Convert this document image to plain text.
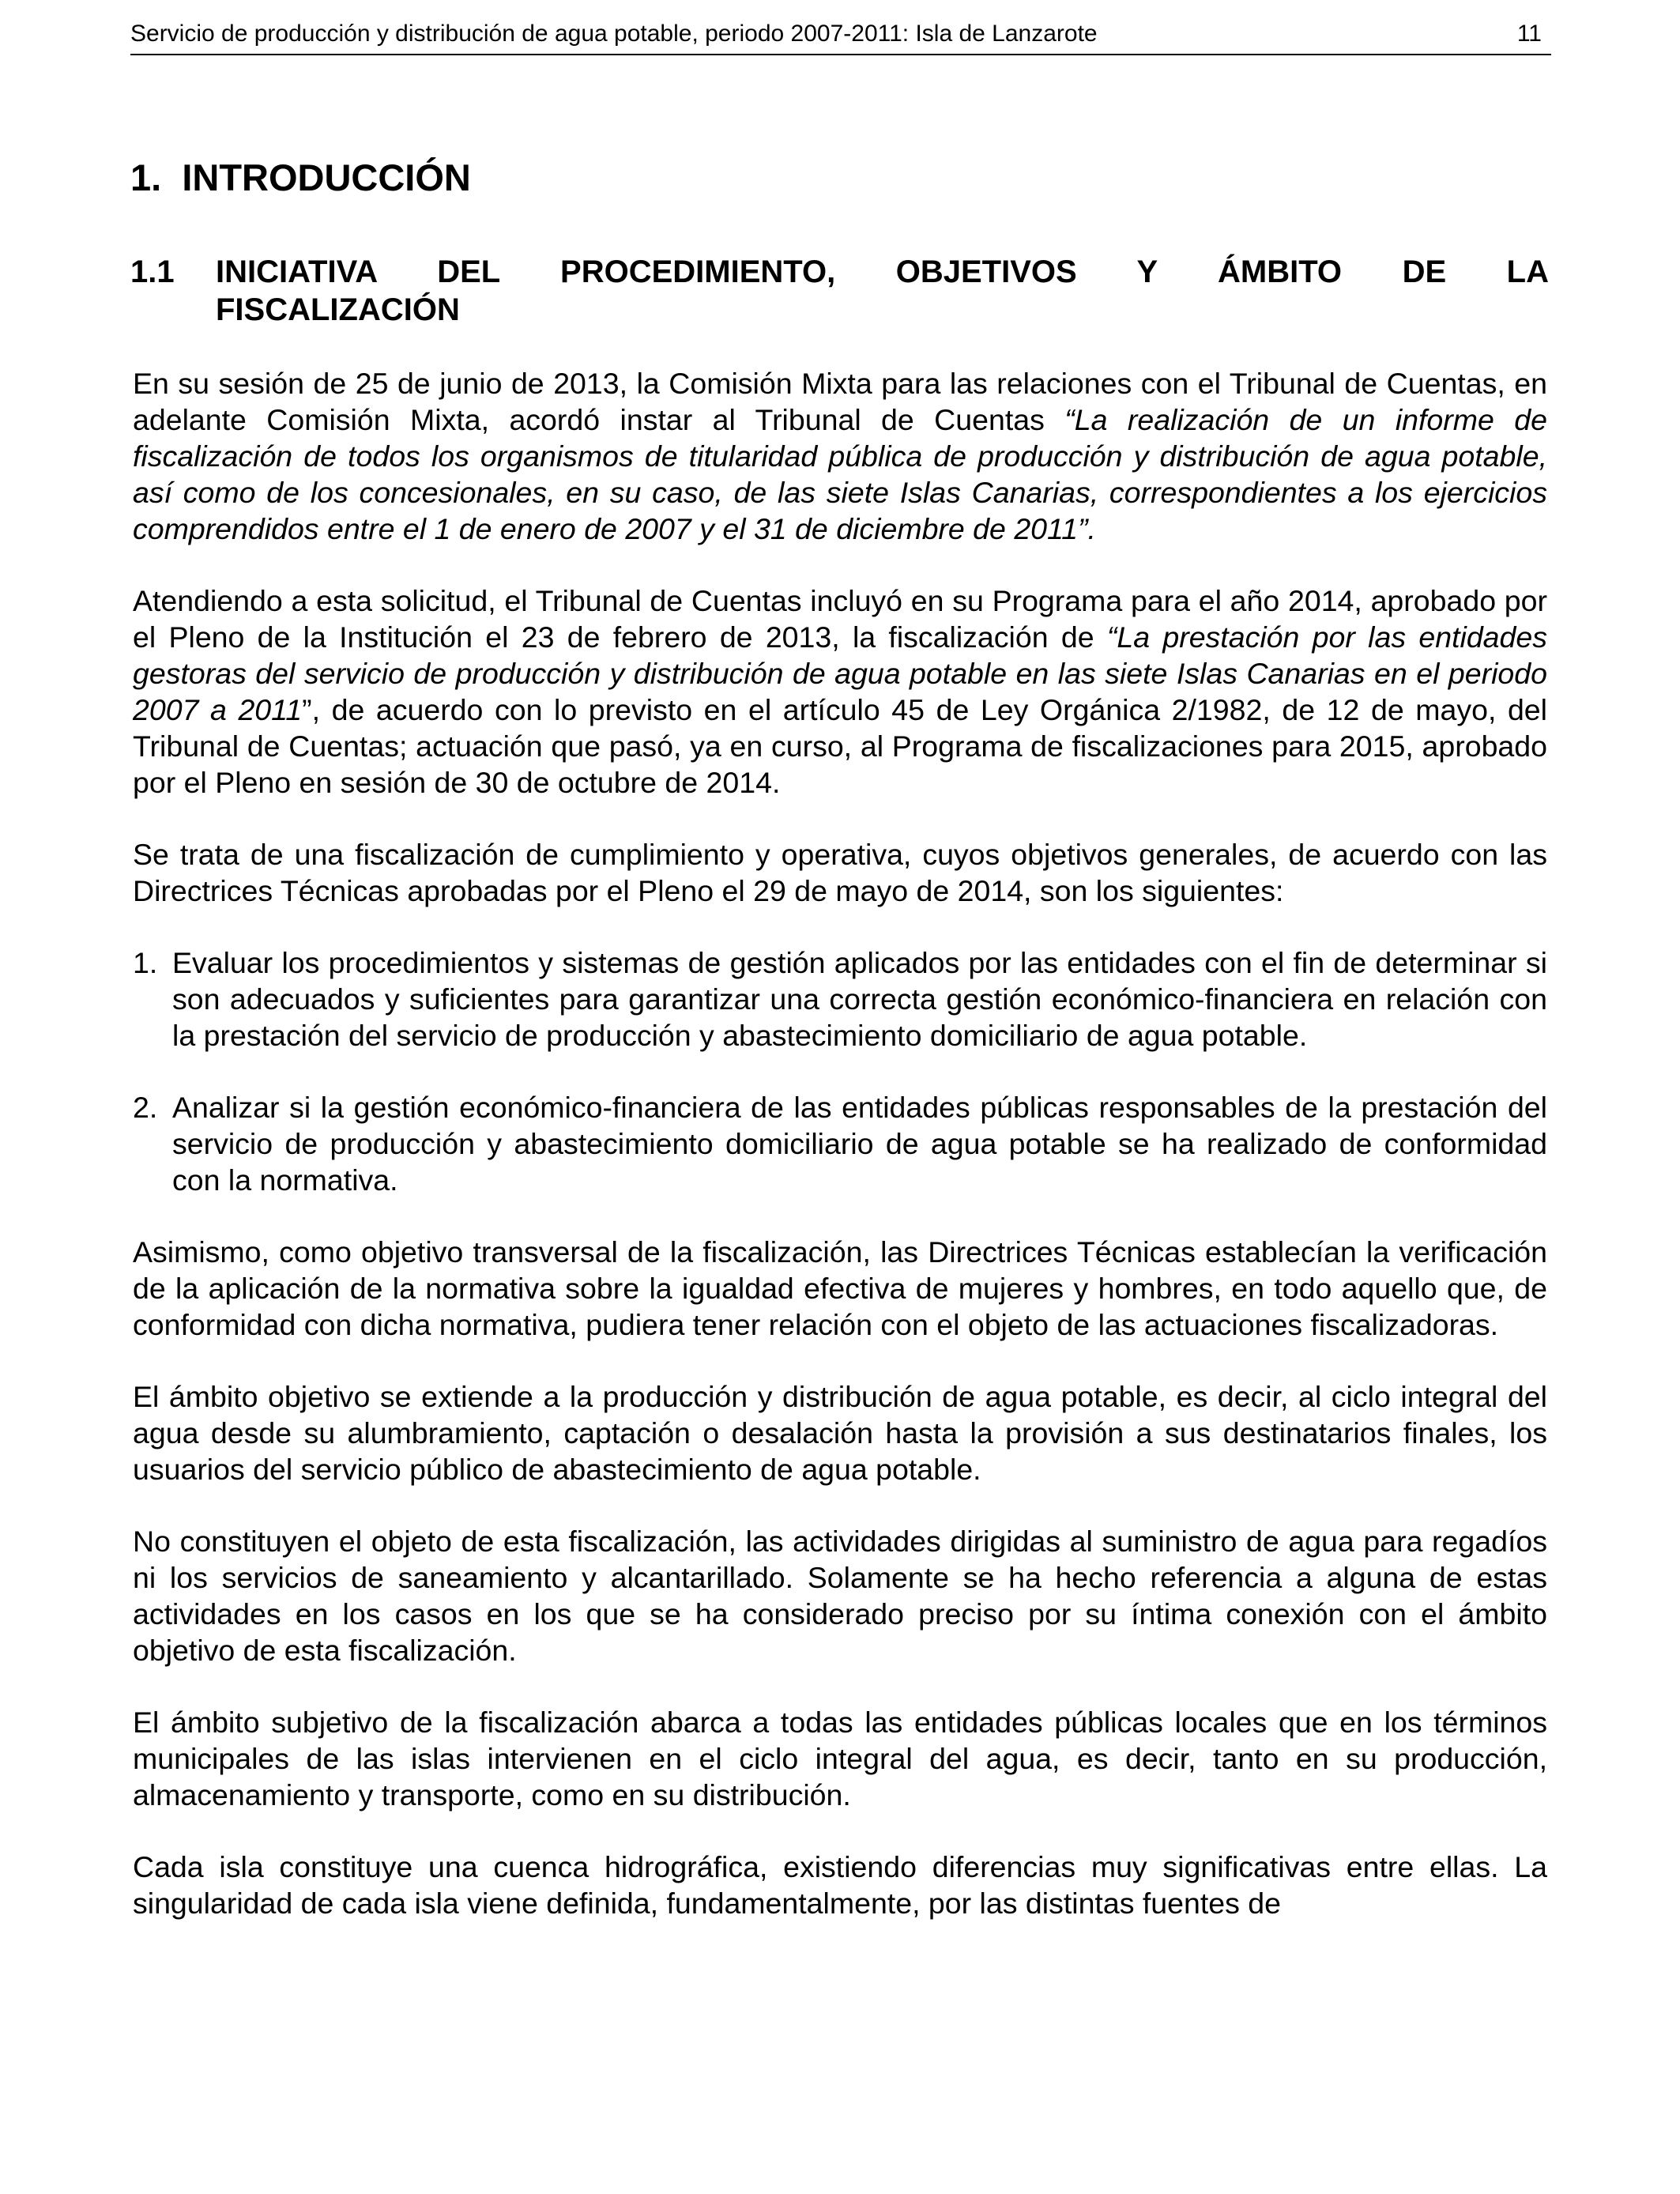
Servicio de producción y distribución de agua potable, periodo 2007-2011: Isla de Lanzarote	11
1. INTRODUCCIÓN
1.1 INICIATIVA DEL PROCEDIMIENTO, OBJETIVOS Y ÁMBITO DE LA
FISCALIZACIÓN

En su sesión de 25 de junio de 2013, la Comisión Mixta para las relaciones con el Tribunal de Cuentas, en adelante Comisión Mixta, acordó instar al Tribunal de Cuentas “La realización de un informe de fiscalización de todos los organismos de titularidad pública de producción y distribución de agua potable, así como de los concesionales, en su caso, de las siete Islas Canarias, correspondientes a los ejercicios comprendidos entre el 1 de enero de 2007 y el 31 de diciembre de 2011”.

Atendiendo a esta solicitud, el Tribunal de Cuentas incluyó en su Programa para el año 2014, aprobado por el Pleno de la Institución el 23 de febrero de 2013, la fiscalización de “La prestación por las entidades gestoras del servicio de producción y distribución de agua potable en las siete Islas Canarias en el periodo 2007 a 2011”, de acuerdo con lo previsto en el artículo 45 de Ley Orgánica 2/1982, de 12 de mayo, del Tribunal de Cuentas; actuación que pasó, ya en curso, al Programa de fiscalizaciones para 2015, aprobado por el Pleno en sesión de 30 de octubre de 2014.

Se trata de una fiscalización de cumplimiento y operativa, cuyos objetivos generales, de acuerdo con las Directrices Técnicas aprobadas por el Pleno el 29 de mayo de 2014, son los siguientes:

1. Evaluar los procedimientos y sistemas de gestión aplicados por las entidades con el fin de determinar si son adecuados y suficientes para garantizar una correcta gestión económico-financiera en relación con la prestación del servicio de producción y abastecimiento domiciliario de agua potable.
2. Analizar si la gestión económico-financiera de las entidades públicas responsables de la prestación del servicio de producción y abastecimiento domiciliario de agua potable se ha realizado de conformidad con la normativa.

Asimismo, como objetivo transversal de la fiscalización, las Directrices Técnicas establecían la verificación de la aplicación de la normativa sobre la igualdad efectiva de mujeres y hombres, en todo aquello que, de conformidad con dicha normativa, pudiera tener relación con el objeto de las actuaciones fiscalizadoras.

El ámbito objetivo se extiende a la producción y distribución de agua potable, es decir, al ciclo integral del agua desde su alumbramiento, captación o desalación hasta la provisión a sus destinatarios finales, los usuarios del servicio público de abastecimiento de agua potable.

No constituyen el objeto de esta fiscalización, las actividades dirigidas al suministro de agua para regadíos ni los servicios de saneamiento y alcantarillado. Solamente se ha hecho referencia a alguna de estas actividades en los casos en los que se ha considerado preciso por su íntima conexión con el ámbito objetivo de esta fiscalización.

El ámbito subjetivo de la fiscalización abarca a todas las entidades públicas locales que en los términos municipales de las islas intervienen en el ciclo integral del agua, es decir, tanto en su producción, almacenamiento y transporte, como en su distribución.

Cada isla constituye una cuenca hidrográfica, existiendo diferencias muy significativas entre ellas. La singularidad de cada isla viene definida, fundamentalmente, por las distintas fuentes de
